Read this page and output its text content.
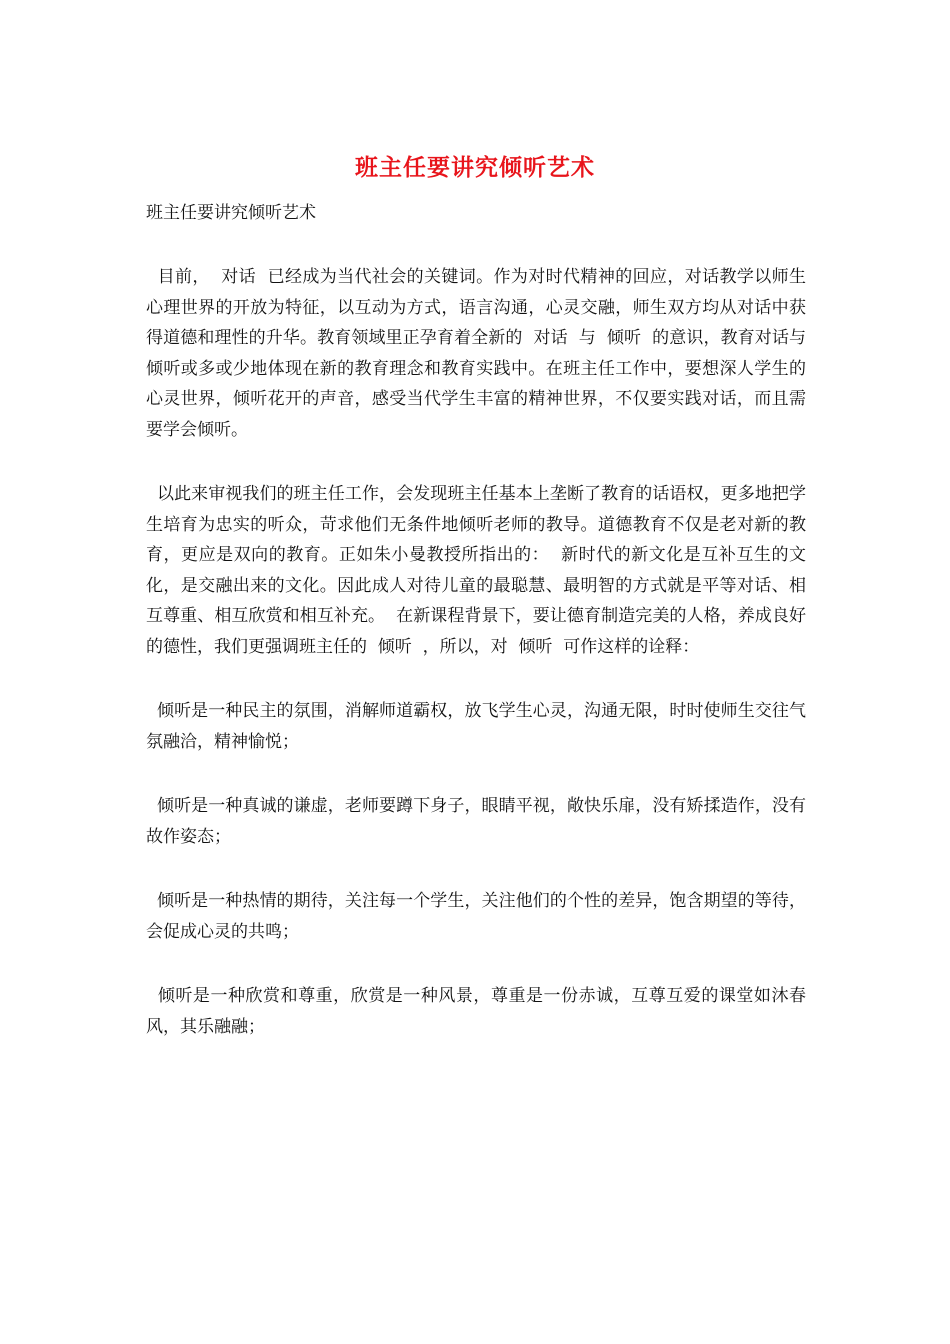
班主任要讲究倾听艺术
班主任要讲究倾听艺术

目前，  对话  已经成为当代社会的关键词。作为对时代精神的回应，对话教学以师生心理世界的开放为特征，以互动为方式，语言沟通，心灵交融，师生双方均从对话中获得道德和理性的升华。教育领域里正孕育着全新的  对话  与  倾听  的意识，教育对话与倾听或多或少地体现在新的教育理念和教育实践中。在班主任工作中，要想深人学生的心灵世界，倾听花开的声音，感受当代学生丰富的精神世界，不仅要实践对话，而且需要学会倾听。

以此来审视我们的班主任工作，会发现班主任基本上垄断了教育的话语权，更多地把学生培育为忠实的听众，苛求他们无条件地倾听老师的教导。道德教育不仅是老对新的教育，更应是双向的教育。正如朱小曼教授所指出的：  新时代的新文化是互补互生的文化，是交融出来的文化。因此成人对待儿童的最聪慧、最明智的方式就是平等对话、相互尊重、相互欣赏和相互补充。  在新课程背景下，要让德育制造完美的人格，养成良好的德性，我们更强调班主任的  倾听  ，所以，对  倾听  可作这样的诠释：

倾听是一种民主的氛围，消解师道霸权，放飞学生心灵，沟通无限，时时使师生交往气氛融洽，精神愉悦；

倾听是一种真诚的谦虚，老师要蹲下身子，眼睛平视，敞快乐扉，没有矫揉造作，没有故作姿态；

倾听是一种热情的期待，关注每一个学生，关注他们的个性的差异，饱含期望的等待，会促成心灵的共鸣；

倾听是一种欣赏和尊重，欣赏是一种风景，尊重是一份赤诚，互尊互爱的课堂如沐春风，其乐融融；
